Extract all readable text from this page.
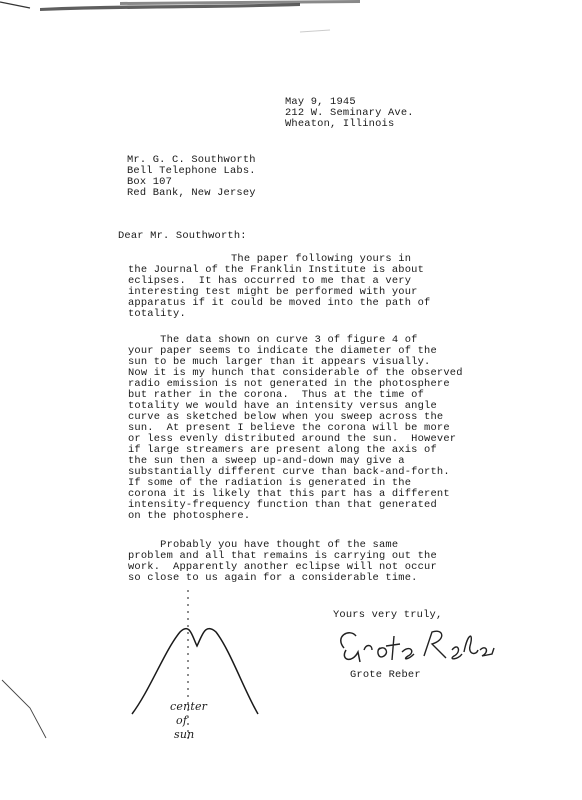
May 9, 1945
212 W. Seminary Ave.
Wheaton, Illinois
Mr. G. C. Southworth
Bell Telephone Labs.
Box 107
Red Bank, New Jersey
Dear Mr. Southworth:
The paper following yours in
the Journal of the Franklin Institute is about
eclipses.  It has occurred to me that a very
interesting test might be performed with your
apparatus if it could be moved into the path of
totality.
The data shown on curve 3 of figure 4 of
your paper seems to indicate the diameter of the
sun to be much larger than it appears visually.
Now it is my hunch that considerable of the observed
radio emission is not generated in the photosphere
but rather in the corona.  Thus at the time of
totality we would have an intensity versus angle
curve as sketched below when you sweep across the
sun.  At present I believe the corona will be more
or less evenly distributed around the sun.  However
if large streamers are present along the axis of
the sun then a sweep up-and-down may give a
substantially different curve than back-and-forth.
If some of the radiation is generated in the
corona it is likely that this part has a different
intensity-frequency function than that generated
on the photosphere.
Probably you have thought of the same
problem and all that remains is carrying out the
work.  Apparently another eclipse will not occur
so close to us again for a considerable time.
Yours very truly,
Grote Reber
center
of
sun
